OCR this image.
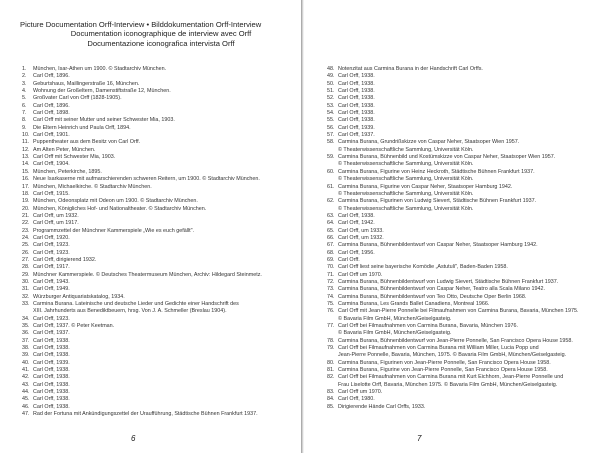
Picture Documentation Orff-Interview • Bilddokumentation Orff-Interview
Documentation iconographique de interview avec Orff
Documentazione iconografica intervista Orff
1.	München, Isar-Athen um 1900. © Stadtarchiv München.
2.	Carl Orff, 1896.
3.	Geburtshaus, Maillingerstraße 16, München.
4.	Wohnung der Großeltern, Damenstiftstraße 12, München.
5.	Großvater Carl von Orff (1828-1905).
6.	Carl Orff, 1896.
7.	Carl Orff, 1898.
8.	Carl Orff mit seiner Mutter und seiner Schwester Mia, 1903.
9.	Die Eltern Heinrich und Paula Orff, 1894.
10. Carl Orff, 1901.
11. Puppentheater aus dem Besitz von Carl Orff.
12. Am Alten Peter, München.
13. Carl Orff mit Schwester Mia, 1903.
14. Carl Orff, 1904.
15. München, Peterkirche, 1895.
16. Neue Isarkaserne mit aufmarschierenden schweren Reitern, um 1900. © Stadtarchiv München.
17. München, Michaelkirche. © Stadtarchiv München.
18. Carl Orff, 1915.
19. München, Odeonsplatz mit Odeon um 1900. © Stadtarchiv München.
20. München, Königliches Hof- und Nationaltheater. © Stadtarchiv München.
21. Carl Orff, um 1932.
22. Carl Orff, um 1917.
23. Programmzettel der Münchner Kammerspiele „Wie es euch gefällt".
24. Carl Orff, 1920.
25. Carl Orff, 1923.
26. Carl Orff, 1923.
27. Carl Orff, dirigierend 1932.
28. Carl Orff, 1917.
29. Münchner Kammerspiele. © Deutsches Theatermuseum München, Archiv: Hildegard Steinmetz.
30. Carl Orff, 1943.
31. Carl Orff, 1949.
32. Würzburger Antiquariatskatalog, 1934.
33. Carmina Burana. Lateinische und deutsche Lieder und Gedichte einer Handschrift des
XIII. Jahrhunderts aus Benediktbeuern, hrsg. Von J. A. Schmeller (Breslau 1904).
34. Carl Orff, 1923.
35. Carl Orff, 1937. © Peter Keetman.
36. Carl Orff, 1937.
37. Carl Orff, 1938.
38. Carl Orff, 1938.
39. Carl Orff, 1938.
40. Carl Orff, 1939.
41. Carl Orff, 1938.
42. Carl Orff, 1938.
43. Carl Orff, 1938.
44. Carl Orff, 1938.
45. Carl Orff, 1938.
46. Carl Orff, 1938.
47. Rad der Fortuna mit Ankündigungszettel der Uraufführung, Städtische Bühnen Frankfurt 1937.
6
48. Notenzitat aus Carmina Burana in der Handschrift Carl Orffs.
49. Carl Orff, 1938.
50. Carl Orff, 1938.
51. Carl Orff, 1938.
52. Carl Orff, 1938.
53. Carl Orff, 1938.
54. Carl Orff, 1938.
55. Carl Orff, 1938.
56. Carl Orff, 1939.
57. Carl Orff, 1937.
58. Carmina Burana, Grundrißskizze von Caspar Neher, Staatsoper Wien 1957.
© Theaterwissenschaftliche Sammlung, Universität Köln.
59. Carmina Burana, Bühnenbild und Kostümskizze von Caspar Neher, Staatsoper Wien 1957.
© Theaterwissenschaftliche Sammlung, Universität Köln.
60. Carmina Burana, Figurine von Heinz Heckroth, Städtische Bühnen Frankfurt 1937.
© Theaterwissenschaftliche Sammlung, Universität Köln.
61. Carmina Burana, Figurine von Caspar Neher, Staatsoper Hamburg 1942.
© Theaterwissenschaftliche Sammlung, Universität Köln.
62. Carmina Burana, Figurinen von Ludwig Sievert, Städtische Bühnen Frankfurt 1937.
© Theaterwissenschaftliche Sammlung, Universität Köln.
63. Carl Orff, 1938.
64. Carl Orff, 1942.
65. Carl Orff, um 1933.
66. Carl Orff, um 1932.
67. Carmina Burana, Bühnenbildentwurf von Caspar Neher, Staatsoper Hamburg 1942.
68. Carl Orff, 1956.
69. Carl Orff.
70. Carl Orff liest seine bayerische Komödie „Astutuli", Baden-Baden 1958.
71. Carl Orff um 1970.
72. Carmina Burana, Bühnenbildentwurf von Ludwig Sievert, Städtische Bühnen Frankfurt 1937.
73. Carmina Burana, Bühnenbildentwurf von Caspar Neher, Teatro alla Scala Milano 1942.
74. Carmina Burana, Bühnenbildentwurf von Teo Otto, Deutsche Oper Berlin 1968.
75. Carmina Burana, Les Grands Ballet Canadiens, Montreal 1966.
76. Carl Orff mit Jean-Pierre Ponnelle bei Filmaufnahmen von Carmina Burana, Bavaria, München 1975.
© Bavaria Film GmbH, München/Geiselgasteig.
77. Carl Orff bei Filmaufnahmen von Carmina Burana, Bavaria, München 1976.
© Bavaria Film GmbH, München/Geiselgasteig.
78. Carmina Burana, Bühnenbildentwurf von Jean-Pierre Ponnelle, San Francisco Opera House 1958.
79. Carl Orff bei Filmaufnahmen von Carmina Burana mit William Miller, Lucia Popp und
Jean-Pierre Ponnelle, Bavaria, München, 1975. © Bavaria Film GmbH, München/Geiselgasteig.
80. Carmina Burana, Figurinen von Jean-Pierre Ponnelle, San Francisco Opera House 1958.
81. Carmina Burana, Figurine von Jean-Pierre Ponnelle, San Francisco Opera House 1958.
82. Carl Orff bei Filmaufnahmen von Carmina Burana mit Kurt Eichhorn, Jean-Pierre Ponnelle und
Frau Liselotte Orff, Bavaria, München 1975. © Bavaria Film GmbH, München/Geiselgasteig.
83. Carl Orff um 1970.
84. Carl Orff, 1980.
85. Dirigierende Hände Carl Orffs, 1933.
7
